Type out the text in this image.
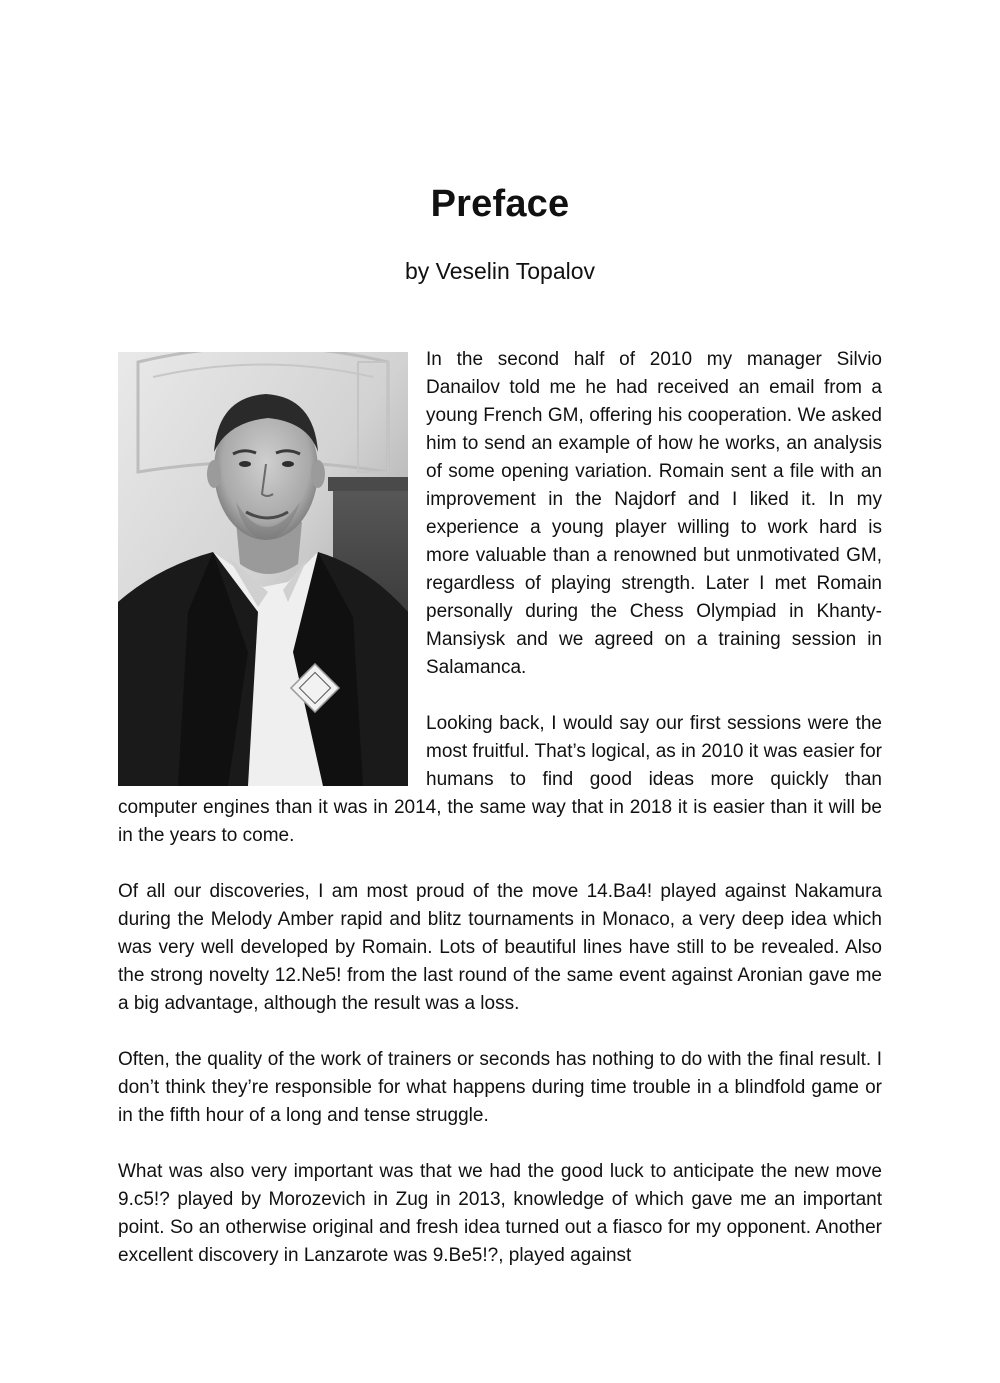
Preface
by Veselin Topalov

In the second half of 2010 my manager Silvio Danailov told me he had received an email from a young French GM, offering his cooperation. We asked him to send an example of how he works, an analysis of some opening variation. Romain sent a file with an improvement in the Najdorf and I liked it. In my experience a young player willing to work hard is more valuable than a renowned but unmotivated GM, regardless of playing strength. Later I met Romain personally during the Chess Olympiad in Khanty-Mansiysk and we agreed on a training session in Salamanca.

Looking back, I would say our first sessions were the most fruitful. That’s logical, as in 2010 it was easier for humans to find good ideas more quickly than computer engines than it was in 2014, the same way that in 2018 it is easier than it will be in the years to come.

Of all our discoveries, I am most proud of the move 14.Ba4! played against Nakamura during the Melody Amber rapid and blitz tournaments in Monaco, a very deep idea which was very well developed by Romain. Lots of beautiful lines have still to be revealed. Also the strong novelty 12.Ne5! from the last round of the same event against Aronian gave me a big advantage, although the result was a loss.

Often, the quality of the work of trainers or seconds has nothing to do with the final result. I don’t think they’re responsible for what happens during time trouble in a blindfold game or in the fifth hour of a long and tense struggle.

What was also very important was that we had the good luck to anticipate the new move 9.c5!? played by Morozevich in Zug in 2013, knowledge of which gave me an important point. So an otherwise original and fresh idea turned out a fiasco for my opponent. Another excellent discovery in Lanzarote was 9.Be5!?, played against
